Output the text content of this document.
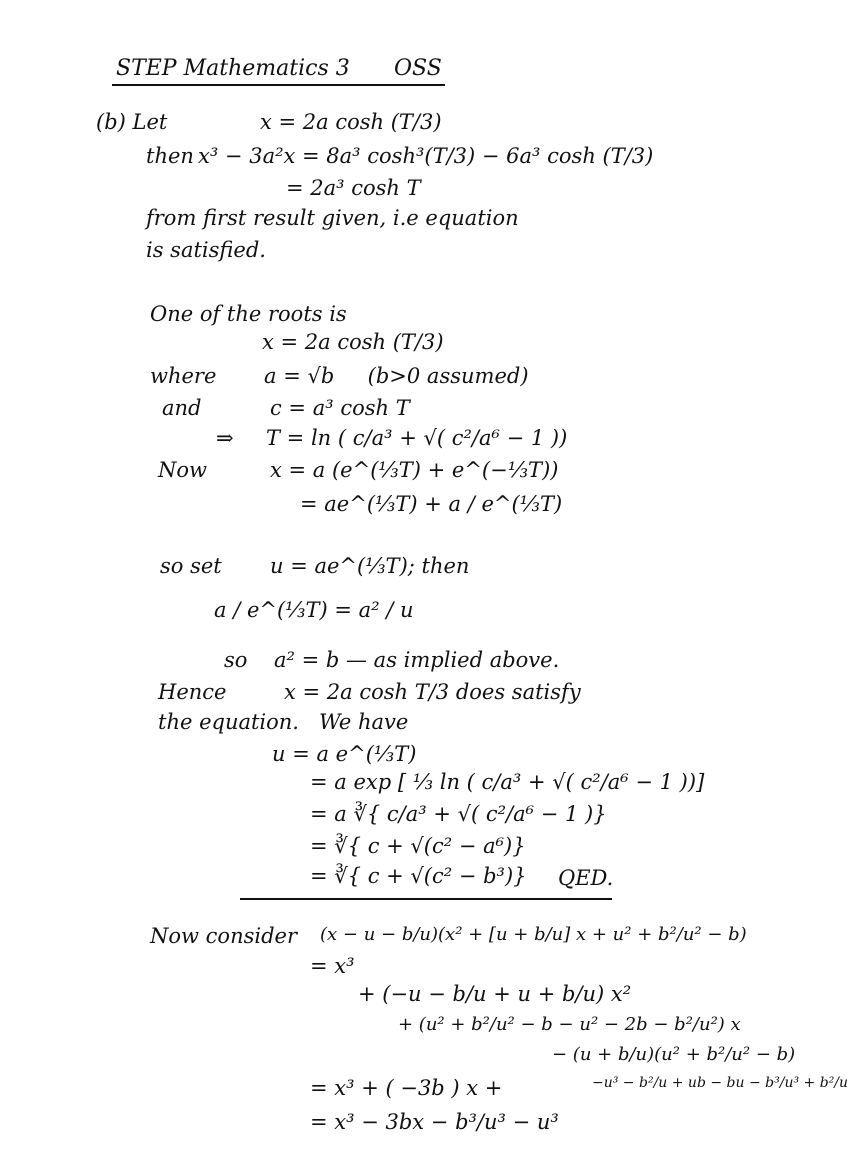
STEP Mathematics 3 OSS
(b) Let	x = 2a cosh (T/3)
then x³ − 3a²x = 8a³ cosh³(T/3) − 6a³ cosh (T/3)
= 2a³ cosh T
from first result given, i.e equation
is satisfied.
One of the roots is
x = 2a cosh (T/3)
where a = √b     (b>0 assumed)
and	c = a³ cosh T
⇒ T = ln ( c/a³ + √( c²/a⁶ − 1 ))
Now	x = a (e^(⅓T) + e^(−⅓T))
= ae^(⅓T) + a / e^(⅓T)
so set u = ae^(⅓T); then
a / e^(⅓T) = a² / u
so a² = b — as implied above.
Hence	x = 2a cosh T/3 does satisfy
the equation.   We have
u = a e^(⅓T)
= a exp [ ⅓ ln ( c/a³ + √( c²/a⁶ − 1 ))]
= a ∛{ c/a³ + √( c²/a⁶ − 1 )}
= ∛{ c + √(c² − a⁶)}
= ∛{ c + √(c² − b³)} QED.
Now consider (x − u − b/u)(x² + [u + b/u] x + u² + b²/u² − b)
= x³
+ (−u − b/u + u + b/u) x²
+ (u² + b²/u² − b − u² − 2b − b²/u²) x
− (u + b/u)(u² + b²/u² − b)
= x³ + ( −3b ) x +	−u³ − b²/u + ub − bu − b³/u³ + b²/u
= x³ − 3bx − b³/u³ − u³
